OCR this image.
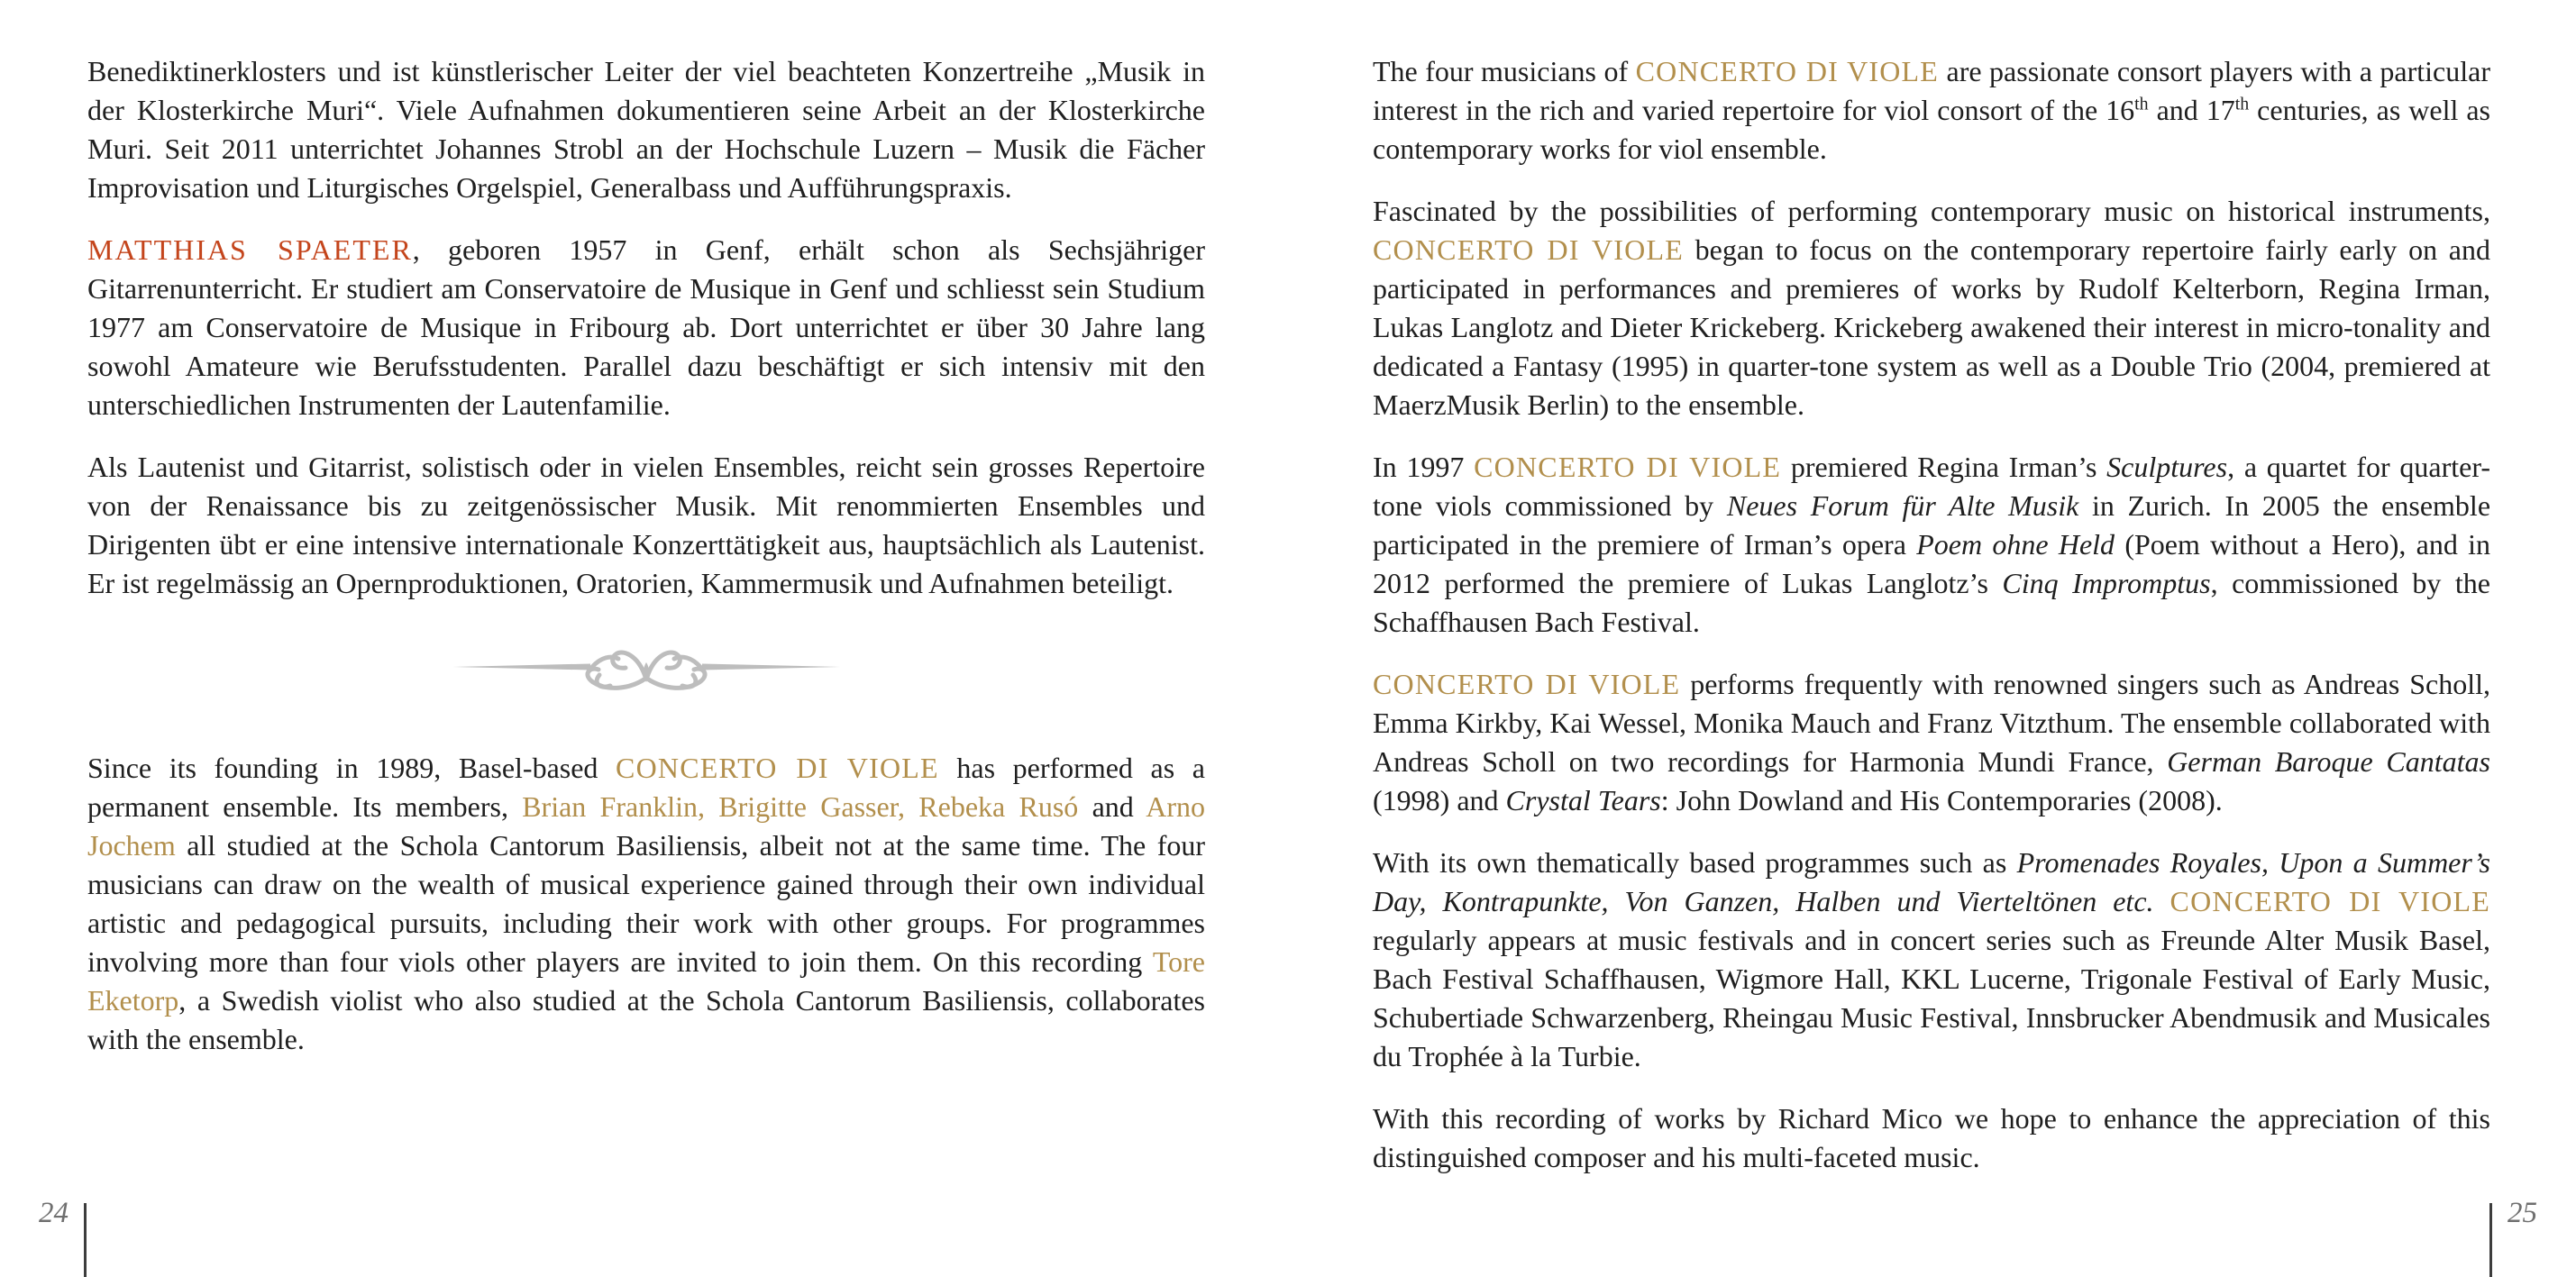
Benediktinerklosters und ist künstlerischer Leiter der viel beachteten Konzertreihe „Musik in der Klosterkirche Muri“. Viele Aufnahmen dokumentieren seine Arbeit an der Klosterkirche Muri. Seit 2011 unterrichtet Johannes Strobl an der Hochschule Luzern – Musik die Fächer Improvisation und Liturgisches Orgelspiel, Generalbass und Aufführungspraxis.

MATTHIAS SPAETER, geboren 1957 in Genf, erhält schon als Sechsjähriger Gitarrenunterricht. Er studiert am Conservatoire de Musique in Genf und schliesst sein Studium 1977 am Conservatoire de Musique in Fribourg ab. Dort unterrichtet er über 30 Jahre lang sowohl Amateure wie Berufsstudenten. Parallel dazu beschäftigt er sich intensiv mit den unterschiedlichen Instrumenten der Lautenfamilie.

Als Lautenist und Gitarrist, solistisch oder in vielen Ensembles, reicht sein grosses Repertoire von der Renaissance bis zu zeitgenössischer Musik. Mit renommierten Ensembles und Dirigenten übt er eine intensive internationale Konzerttätigkeit aus, hauptsächlich als Lautenist. Er ist regelmässig an Opernproduktionen, Oratorien, Kammermusik und Aufnahmen beteiligt.

Since its founding in 1989, Basel-based CONCERTO DI VIOLE has performed as a permanent ensemble. Its members, Brian Franklin, Brigitte Gasser, Rebeka Rusó and Arno Jochem all studied at the Schola Cantorum Basiliensis, albeit not at the same time. The four musicians can draw on the wealth of musical experience gained through their own individual artistic and pedagogical pursuits, including their work with other groups. For programmes involving more than four viols other players are invited to join them. On this recording Tore Eketorp, a Swedish violist who also studied at the Schola Cantorum Basiliensis, collaborates with the ensemble.

The four musicians of CONCERTO DI VIOLE are passionate consort players with a particular interest in the rich and varied repertoire for viol consort of the 16th and 17th centuries, as well as contemporary works for viol ensemble.

Fascinated by the possibilities of performing contemporary music on historical instruments, CONCERTO DI VIOLE began to focus on the contemporary repertoire fairly early on and participated in performances and premieres of works by Rudolf Kelterborn, Regina Irman, Lukas Langlotz and Dieter Krickeberg. Krickeberg awakened their interest in micro-tonality and dedicated a Fantasy (1995) in quarter-tone system as well as a Double Trio (2004, premiered at MaerzMusik Berlin) to the ensemble.

In 1997 CONCERTO DI VIOLE premiered Regina Irman’s Sculptures, a quartet for quarter-tone viols commissioned by Neues Forum für Alte Musik in Zurich. In 2005 the ensemble participated in the premiere of Irman’s opera Poem ohne Held (Poem without a Hero), and in 2012 performed the premiere of Lukas Langlotz’s Cinq Impromptus, commissioned by the Schaffhausen Bach Festival.

CONCERTO DI VIOLE performs frequently with renowned singers such as Andreas Scholl, Emma Kirkby, Kai Wessel, Monika Mauch and Franz Vitzthum. The ensemble collaborated with Andreas Scholl on two recordings for Harmonia Mundi France, German Baroque Cantatas (1998) and Crystal Tears: John Dowland and His Contemporaries (2008).

With its own thematically based programmes such as Promenades Royales, Upon a Summer’s Day, Kontrapunkte, Von Ganzen, Halben und Vierteltönen etc. CONCERTO DI VIOLE regularly appears at music festivals and in concert series such as Freunde Alter Musik Basel, Bach Festival Schaffhausen, Wigmore Hall, KKL Lucerne, Trigonale Festival of Early Music, Schubertiade Schwarzenberg, Rheingau Music Festival, Innsbrucker Abendmusik and Musicales du Trophée à la Turbie.

With this recording of works by Richard Mico we hope to enhance the appreciation of this distinguished composer and his multi-faceted music.

24	25
